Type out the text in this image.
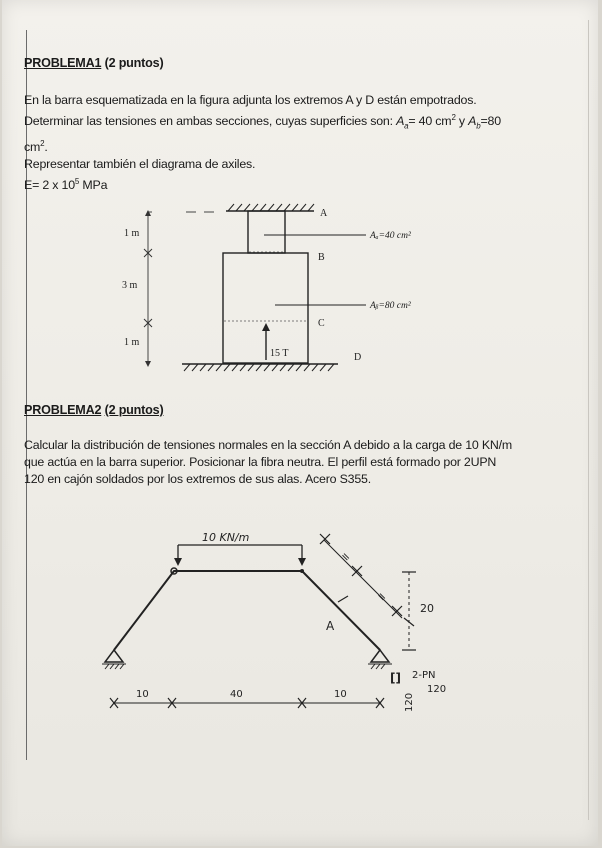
PROBLEMA1 (2 puntos)
En la barra esquematizada en la figura adjunta los extremos A y D están empotrados.
Determinar las tensiones en ambas secciones, cuyas superficies son: $A_a= 40$ $cm^2$ y $A_b=80$
$cm^2$.
Representar también el diagrama de axiles.
E= 2 x $10^5$ MPa
15 T
Aₐ=40 cm²
Aᵦ=80 cm²
A
B
C
D
1 m
3 m
1 m
PROBLEMA2 (2 puntos)
Calcular la distribución de tensiones normales en la sección A debido a la carga de 10 KN/m
que actúa en la barra superior. Posicionar la fibra neutra. El perfil está formado por 2UPN
120 en cajón soldados por los extremos de sus alas. Acero S355.
10 KN/m
A
=
=
20
[] 2-PN
120
120
10	40	10
